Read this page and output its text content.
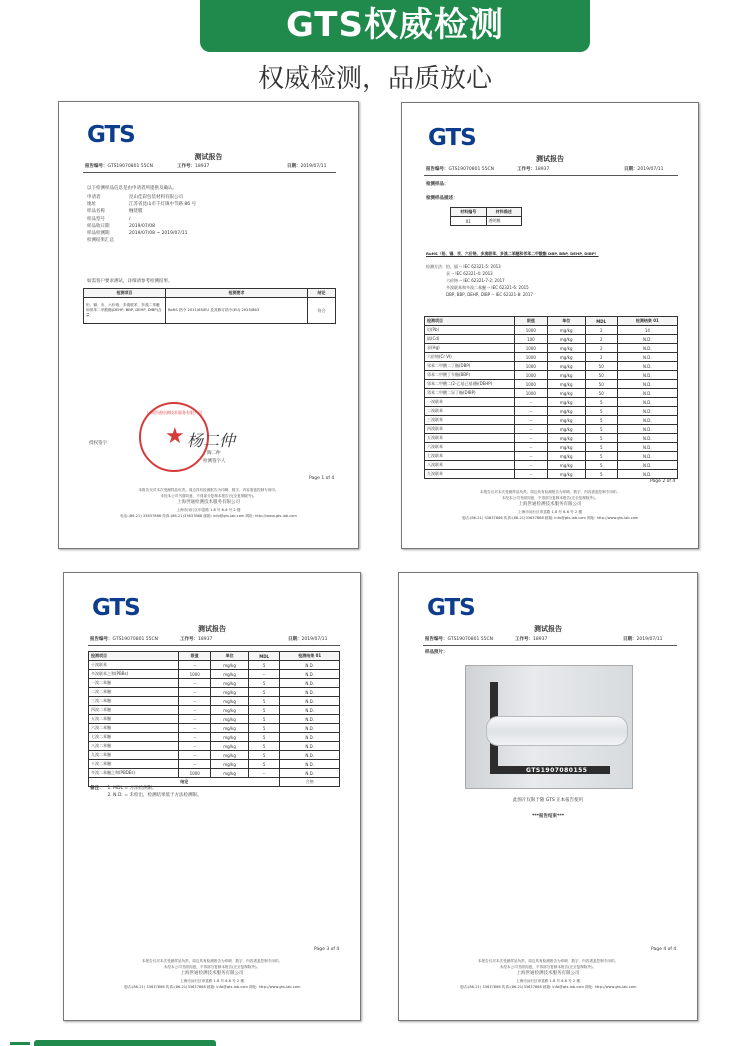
GTS权威检测
权威检测，品质放心
GTS
测试报告
报告编号：GTS19070801 55CN	工作号：18937	日期：2019/07/11
以下检测样品信息是由申请者所提供及确认。
申请者	昆山佳彩包装材料有限公司
地址	江苏省昆山市千灯镇中节路 86 号
样品名称	缠绕膜
样品型号	/
样品收日期	2019/07/08
样品检测期	2019/07/08 ~ 2019/07/11
检测结果汇总
如需客户要求测试，详细请参考检测结果。
检测项目	检测要求	结论
铅、镉、汞、六价铬、多溴联苯、多溴二苯醚和邻苯二甲酸酯(DEHP, BBP, DEHP, DIBP)含量	RoHS 指令 2011/65/EU 及其修订指令(EU) 2015/863	符合
上海世通检测技术服务有限公司
★ 杨二仲
授权签字：
陶二仲
检测签字人
Page 1 of 4
本报告仅对本次受测样品负责。周边具有检测报告为印刷、数字、内容需盖控制专用印。
未经本公司书面同意，不得部分复制本报告(完全复制除外)。
上海世通检测技术服务有限公司
上海市闵行区申富路 1.8 号 6-6 号 2 楼
电话:(86-21) 33637866 传真:(86-21)33637868 邮箱: info@gts-lab.com 网址: http://www.gts-lab.com
GTS
测试报告
报告编号：GTS19070801 55CN	工作号：18937	日期：2019/07/11
检测样品：
检测样品描述：
材料编号	材料描述
01	透明膜
RoHS（铅、镉、汞、六价铬、多溴联苯、多溴二苯醚和邻苯二甲酸酯 DBP, BBP, DEHP, DIBP）
检测方法：铅、镉 -- IEC 62321-5: 2013
汞 -- IEC 62321-4: 2013
六价铬 -- IEC 62321-7-2: 2017
多溴联苯和多溴二苯醚 -- IEC 62321-6: 2015
DBP, BBP, DEHP, DIBP -- IEC 62321-8: 2017
检测项目	限值	单位	MDL	检测结果 01
铅(Pb)	1000	mg/kg	2	14
镉(Cd)	100	mg/kg	2	N.D.
汞(Hg)	1000	mg/kg	2	N.D.
六价铬(Cr VI)	1000	mg/kg	2	N.D.
邻苯二甲酸二丁酯(DBP)	1000	mg/kg	50	N.D.
邻苯二甲酸丁苄酯(BBP)	1000	mg/kg	50	N.D.
邻苯二甲酸二(2-乙基己基)酯(DEHP)	1000	mg/kg	50	N.D.
邻苯二甲酸二异丁酯(DIBP)	1000	mg/kg	50	N.D.
一溴联苯	--	mg/kg	5	N.D.
二溴联苯	--	mg/kg	5	N.D.
三溴联苯	--	mg/kg	5	N.D.
四溴联苯	--	mg/kg	5	N.D.
五溴联苯	--	mg/kg	5	N.D.
六溴联苯	--	mg/kg	5	N.D.
七溴联苯	--	mg/kg	5	N.D.
八溴联苯	--	mg/kg	5	N.D.
九溴联苯	--	mg/kg	5	N.D.
Page 2 of 4
本报告仅对本次受测样品负责。周边具有检测报告为印刷、数字、内容需盖控制专用印。
未经本公司书面同意，不得部分复制本报告(完全复制除外)。
上海世通检测技术服务有限公司
上海市闵行区申富路 1.8 号 6-6 号 2 楼
电话:(86-21) 33637866 传真:(86-21)33637868 邮箱: info@gts-lab.com 网址: http://www.gts-lab.com
GTS
测试报告
报告编号：GTS19070801 55CN	工作号：18937	日期：2019/07/11
检测项目	限值	单位	MDL	检测结果 01
十溴联苯	--	mg/kg	5	N.D.
多溴联苯之和(PBBs)	1000	mg/kg	--	N.D.
一溴二苯醚	--	mg/kg	5	N.D.
二溴二苯醚	--	mg/kg	5	N.D.
三溴二苯醚	--	mg/kg	5	N.D.
四溴二苯醚	--	mg/kg	5	N.D.
五溴二苯醚	--	mg/kg	5	N.D.
六溴二苯醚	--	mg/kg	5	N.D.
七溴二苯醚	--	mg/kg	5	N.D.
八溴二苯醚	--	mg/kg	5	N.D.
九溴二苯醚	--	mg/kg	5	N.D.
十溴二苯醚	--	mg/kg	5	N.D.
多溴二苯醚之和(PBDEs)	1000	mg/kg	--	N.D.
结论				合格
备注： 1. MDL = 方法检测限。
2. N.D. = 未检出，检测结果低于方法检测限。
Page 3 of 4
本报告仅对本次受测样品负责。周边具有检测报告为印刷、数字、内容需盖控制专用印。
未经本公司书面同意，不得部分复制本报告(完全复制除外)。
上海世通检测技术服务有限公司
上海市闵行区申富路 1.8 号 6-6 号 2 楼
电话:(86-21) 33637866 传真:(86-21)33637868 邮箱: info@gts-lab.com 网址: http://www.gts-lab.com
GTS
测试报告
报告编号：GTS19070801 55CN	工作号：18937	日期：2019/07/11
样品照片：
GTS1907080155
此图片仅限于随 GTS 正本报告使用
***报告结束***
Page 4 of 4
本报告仅对本次受测样品负责。周边具有检测报告为印刷、数字、内容需盖控制专用印。
未经本公司书面同意，不得部分复制本报告(完全复制除外)。
上海世通检测技术服务有限公司
上海市闵行区申富路 1.8 号 6-6 号 2 楼
电话:(86-21) 33637866 传真:(86-21)33637868 邮箱: info@gts-lab.com 网址: http://www.gts-lab.com
